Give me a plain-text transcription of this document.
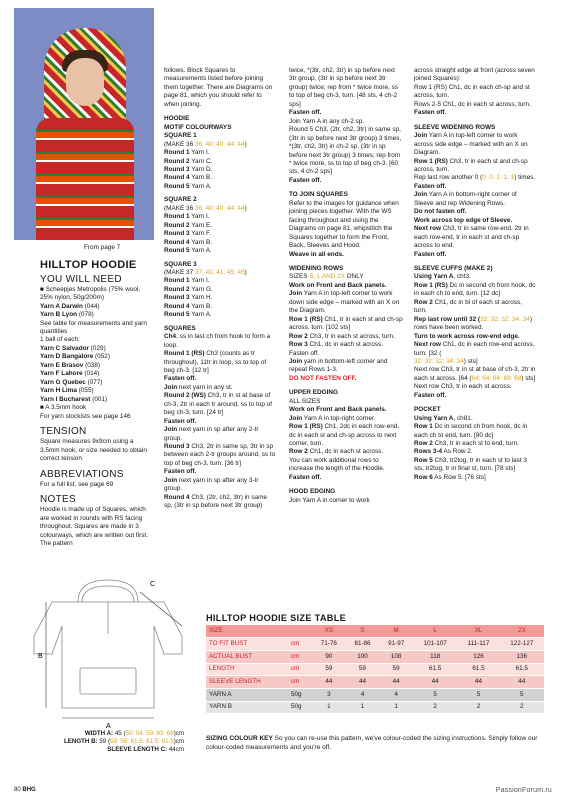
From page 7
HILLTOP HOODIE
YOU WILL NEED
■ Scheepjes Metropolis (75% wool, 25% nylon, 50g/200m)
Yarn A Darwin (044)
Yarn B Lyon (078)
See table for measurements and yarn quantities
1 ball of each:
Yarn C Salvador (029)
Yarn D Bangalore (052)
Yarn E Brasov (038)
Yarn F Lahore (014)
Yarn G Quebec (077)
Yarn H Lima (055)
Yarn I Bucharest (001)
■ A 3.5mm hook
For yarn stockists see page 146
TENSION
Square measures 9x9cm using a 3.5mm hook, or size needed to obtain correct tension
ABBREVIATIONS
For a full list, see page 69
NOTES
Hoodie is made up of Squares, which are worked in rounds with RS facing throughout. Squares are made in 3 colourways, which are written out first. The pattern
follows. Block Squares to measurements listed before joining them together. There are Diagrams on page 81, which you should refer to when joining.
HOODIE
MOTIF COLOURWAYS
SQUARE 1
(MAKE 36 36: 40: 40: 44: 44)
Round 1 Yarn I.
Round 2 Yarn C.
Round 3 Yarn D.
Round 4 Yarn B.
Round 5 Yarn A.
SQUARE 2
(MAKE 36 36: 40: 40: 44: 44)
Round 1 Yarn I.
Round 2 Yarn E.
Round 3 Yarn F.
Round 4 Yarn B.
Round 5 Yarn A.
SQUARE 3
(MAKE 37 37: 41: 41: 45: 45)
Round 1 Yarn I.
Round 2 Yarn G.
Round 3 Yarn H.
Round 4 Yarn B.
Round 5 Yarn A.
SQUARES
Ch4, ss in last ch from hook to form a loop.
Round 1 (RS) Ch3 (counts as tr throughout), 11tr in loop, ss to top of beg ch-3. [12 tr]
Fasten off.
Join next yarn in any st.
Round 2 (WS) Ch3, tr in st at base of ch-3, 2tr in each tr around, ss to top of beg ch-3, turn. [24 tr]
Fasten off.
Join next yarn in sp after any 2-tr group.
Round 3 Ch3, 2tr in same sp, 3tr in sp between each 2-tr groups around, ss to top of beg ch-3, turn. [36 tr]
Fasten off.
Join next yarn in sp after any 3-tr group.
Round 4 Ch3, (2tr, ch2, 3tr) in same sp, (3tr in sp before next 3tr group)
twice, *(3tr, ch2, 3tr) in sp before next 3tr group, (3tr in sp before next 3tr group) twice; rep from * twice more, ss to top of beg ch-3, turn. [48 sts, 4 ch-2 sps]
Fasten off.
Join Yarn A in any ch-2 sp.
Round 5 Ch3, (2tr, ch2, 3tr) in same sp, (3tr in sp before next 3tr group) 3 times, *(3tr, ch2, 3tr) in ch-2 sp, (3tr in sp before next 3tr group) 3 times; rep from * twice more, ss to top of beg ch-3. [60 sts, 4 ch-2 sps]
Fasten off.
TO JOIN SQUARES
Refer to the images for guidance when joining pieces together. With the WS facing throughout and using the Diagrams on page 81, whipstitch the Squares together to form the Front, Back, Sleeves and Hood.
Weave in all ends.
WIDENING ROWS
SIZES S, L AND 2X ONLY
Work on Front and Back panels.
Join Yarn A in top-left corner to work down side edge – marked with an X on the Diagram.
Row 1 (RS) Ch1, tr in each st and ch-sp across, turn. [102 sts]
Row 2 Ch3, tr in each st across, turn.
Row 3 Ch1, dc in each st across. Fasten off.
Join yarn in bottom-left corner and repeat Rows 1-3.
DO NOT FASTEN OFF.
UPPER EDGING
ALL SIZES
Work on Front and Back panels.
Join Yarn A in top-right corner.
Row 1 (RS) Ch1, 2dc in each row-end, dc in each st and ch-sp across to next corner, turn.
Row 2 Ch1, dc in each st across.
You can work additional rows to increase the length of the Hoodie.
Fasten off.
HOOD EDGING
Join Yarn A in corner to work
across straight edge at front (across seven joined Squares):
Row 1 (RS) Ch1, dc in each ch-sp and st across, turn.
Rows 2-5 Ch1, dc in each st across, turn.
Fasten off.
SLEEVE WIDENING ROWS
Join Yarn A in top-left corner to work across side edge – marked with an X on Diagram.
Row 1 (RS) Ch3, tr in each st and ch-sp across, turn.
Rep last row another 0 (0: 0: 1: 1: 1) times.
Fasten off.
Join Yarn A in bottom-right corner of Sleeve and rep Widening Rows.
Do not fasten off.
Work across top edge of Sleeve.
Next row Ch3, tr in same row-end, 2tr in each row-end, tr in each st and ch-sp across to end.
Fasten off.
SLEEVE CUFFS (MAKE 2)
Using Yarn A, cht3.
Row 1 (RS) Dc in second ch from hook, dc in each ch to end, turn. [12 dc]
Row 2 Ch1, dc in bl of each st across, turn.
Rep last row until 32 (32: 32: 32: 34: 34) rows have been worked.
Turn to work across row-end edge.
Next row Ch1, dc in each row-end across, turn. [32 (
32: 32: 32: 34: 34) sts]
Next row Ch3, tr in st at base of ch-3, 2tr in each st across. [64 (64: 64: 64: 68: 68) sts]
Next row Ch3, tr in each st across.
Fasten off.
POCKET
Using Yarn A, ch81.
Row 1 Dc in second ch from hook, dc in each ch to end, turn. [80 dc]
Row 2 Ch3, tr in each st to end, turn.
Rows 3-4 As Row 2.
Row 5 Ch3, tr2tog, tr in each st to last 3 sts, tr2tog, tr in final st, turn. [78 sts]
Row 6 As Row 5. [76 sts]
A
B
C
WIDTH A: 45 (50: 54: 59: 63: 68)cm
LENGTH B: 59 (59: 59: 61.5: 61.5: 61.5)cm
SLEEVE LENGTH C: 44cm
HILLTOP HOODIE SIZE TABLE
SIZE		XS	S	M	L	XL	2X
TO FIT BUST	cm	71-76	81-86	91-97	101-107	111-117	122-127
ACTUAL BUST	cm	90	100	108	118	126	136
LENGTH	cm	59	59	59	61.5	61.5	61.5
SLEEVE LENGTH	cm	44	44	44	44	44	44
YARN A	50g	3	4	4	5	5	5
YARN B	50g	1	1	1	2	2	2
SIZING COLOUR KEY So you can re-use this pattern, we've colour-coded the sizing instructions. Simply follow our colour-coded measurements and you're off.
80 BHG	PassionForum.ru
